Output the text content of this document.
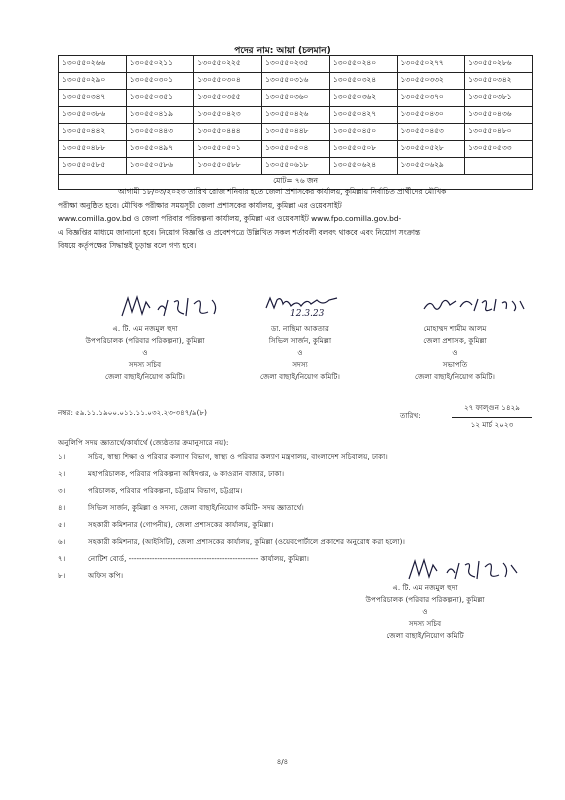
পদের নাম: আয়া (চলমান)
১৩০৫৫০২৬৬	১৩০৫৫০২১১	১৩০৫৫০২২৫	১৩০৫৫০২৩৫	১৩০৫৫০২৪০	১৩০৫৫০২৭৭	১৩০৫৫০২৮৬
১৩০৫৫০২৯০	১৩০৫৫০৩০১	১৩০৫৫০৩০৪	১৩০৫৫০৩১৬	১৩০৫৫০৩২৪	১৩০৫৫০৩৩২	১৩০৫৫০৩৪২
১৩০৫৫০৩৪৭	১৩০৫৫০৩৫১	১৩০৫৫০৩৫৫	১৩০৫৫০৩৬০	১৩০৫৫০৩৬২	১৩০৫৫০৩৭০	১৩০৫৫০৩৮১
১৩০৫৫০৩৮৬	১৩০৫৫০৪১৯	১৩০৫৫০৪২৩	১৩০৫৫০৪২৬	১৩০৫৫০৪২৭	১৩০৫৫০৪৩০	১৩০৫৫০৪৩৬
১৩০৫৫০৪৪২	১৩০৫৫০৪৪৩	১৩০৫৫০৪৪৪	১৩০৫৫০৪৪৮	১৩০৫৫০৪৫০	১৩০৫৫০৪৫৩	১৩০৫৫০৪৮০
১৩০৫৫০৪৮৮	১৩০৫৫০৪৯৭	১৩০৫৫০৫০১	১৩০৫৫০৫০৪	১৩০৫৫০৫০৮	১৩০৫৫০৫২৮	১৩০৫৫০৫৩৩
১৩০৫৫০৫৮৫	১৩০৫৫০৫৮৬	১৩০৫৫০৫৮৮	১৩০৫৫০৬১৮	১৩০৫৫০৬২৪	১৩০৫৫০৬২৯	
মোট= ৭৬ জন						
আগামী ১৮/০৩/২০২৩ তারিখ রোজ শনিবার হতে জেলা প্রশাসকের কার্যালয়, কুমিল্লায় নির্বাচিত প্রার্থীদের মৌখিক
পরীক্ষা অনুষ্ঠিত হবে। মৌখিক পরীক্ষার সময়সূচী জেলা প্রশাসকের কার্যালয়, কুমিল্লা এর ওয়েবসাইট
www.comilla.gov.bd ও জেলা পরিবার পরিকল্পনা কার্যালয়, কুমিল্লা এর ওয়েবসাইট www.fpo.comilla.gov.bd-
এ বিজ্ঞপ্তির মাধ্যমে জানানো হবে। নিয়োগ বিজ্ঞপ্তি ও প্রবেশপত্রে উল্লিখিত সকল শর্তাবলী বলবৎ থাকবে এবং নিয়োগ সংক্রান্ত
বিষয়ে কর্তৃপক্ষের সিদ্ধান্তই চূড়ান্ত বলে গণ্য হবে।
এ. টি. এম নজমুল হুদা
উপপরিচালক (পরিবার পরিকল্পনা), কুমিল্লা
ও
সদস্য সচিব
জেলা বাছাই/নিয়োগ কমিটি।
12.3.23
ডা. নাছিমা আকতার
সিভিল সার্জন, কুমিল্লা
ও
সদস্য
জেলা বাছাই/নিয়োগ কমিটি।
মোহাম্মদ শামীম আলম
জেলা প্রশাসক, কুমিল্লা
ও
সভাপতি
জেলা বাছাই/নিয়োগ কমিটি।
নম্বর: ৫৯.১১.১৯০০.০১১.১১.০৩২.২৩-৩৪৭/৯(৮)	তারিখ:
২৭ ফাল্গুন ১৪২৯
১২ মার্চ ২০২৩
অনুলিপি সদয় জ্ঞাতার্থে/কার্যার্থে (জ্যেষ্ঠতার ক্রমানুসারে নয়):
১।	সচিব, স্বাস্থ্য শিক্ষা ও পরিবার কল্যাণ বিভাগ, স্বাস্থ্য ও পরিবার কল্যাণ মন্ত্রণালয়, বাংলাদেশ সচিবালয়, ঢাকা।
২।	মহাপরিচালক, পরিবার পরিকল্পনা অধিদপ্তর, ৬ কাওরান বাজার, ঢাকা।
৩।	পরিচালক, পরিবার পরিকল্পনা, চট্টগ্রাম বিভাগ, চট্টগ্রাম।
৪।	সিভিল সার্জন, কুমিল্লা ও সদস্য, জেলা বাছাই/নিয়োগ কমিটি- সদয় জ্ঞাতার্থে।
৫।	সহকারী কমিশনার (গোপনীয়), জেলা প্রশাসকের কার্যালয়, কুমিল্লা।
৬।	সহকারী কমিশনার, (আইসিটি), জেলা প্রশাসকের কার্যালয়, কুমিল্লা (ওয়েবপোর্টালে প্রকাশের অনুরোধ করা হলো)।
৭।	নোটিশ বোর্ড, -------------------------------------------------- কার্যালয়, কুমিল্লা।
৮।	অফিস কপি।
এ. টি. এম নজমুল হুদা
উপপরিচালক (পরিবার পরিকল্পনা), কুমিল্লা
ও
সদস্য সচিব
জেলা বাছাই/নিয়োগ কমিটি
৪/৪
